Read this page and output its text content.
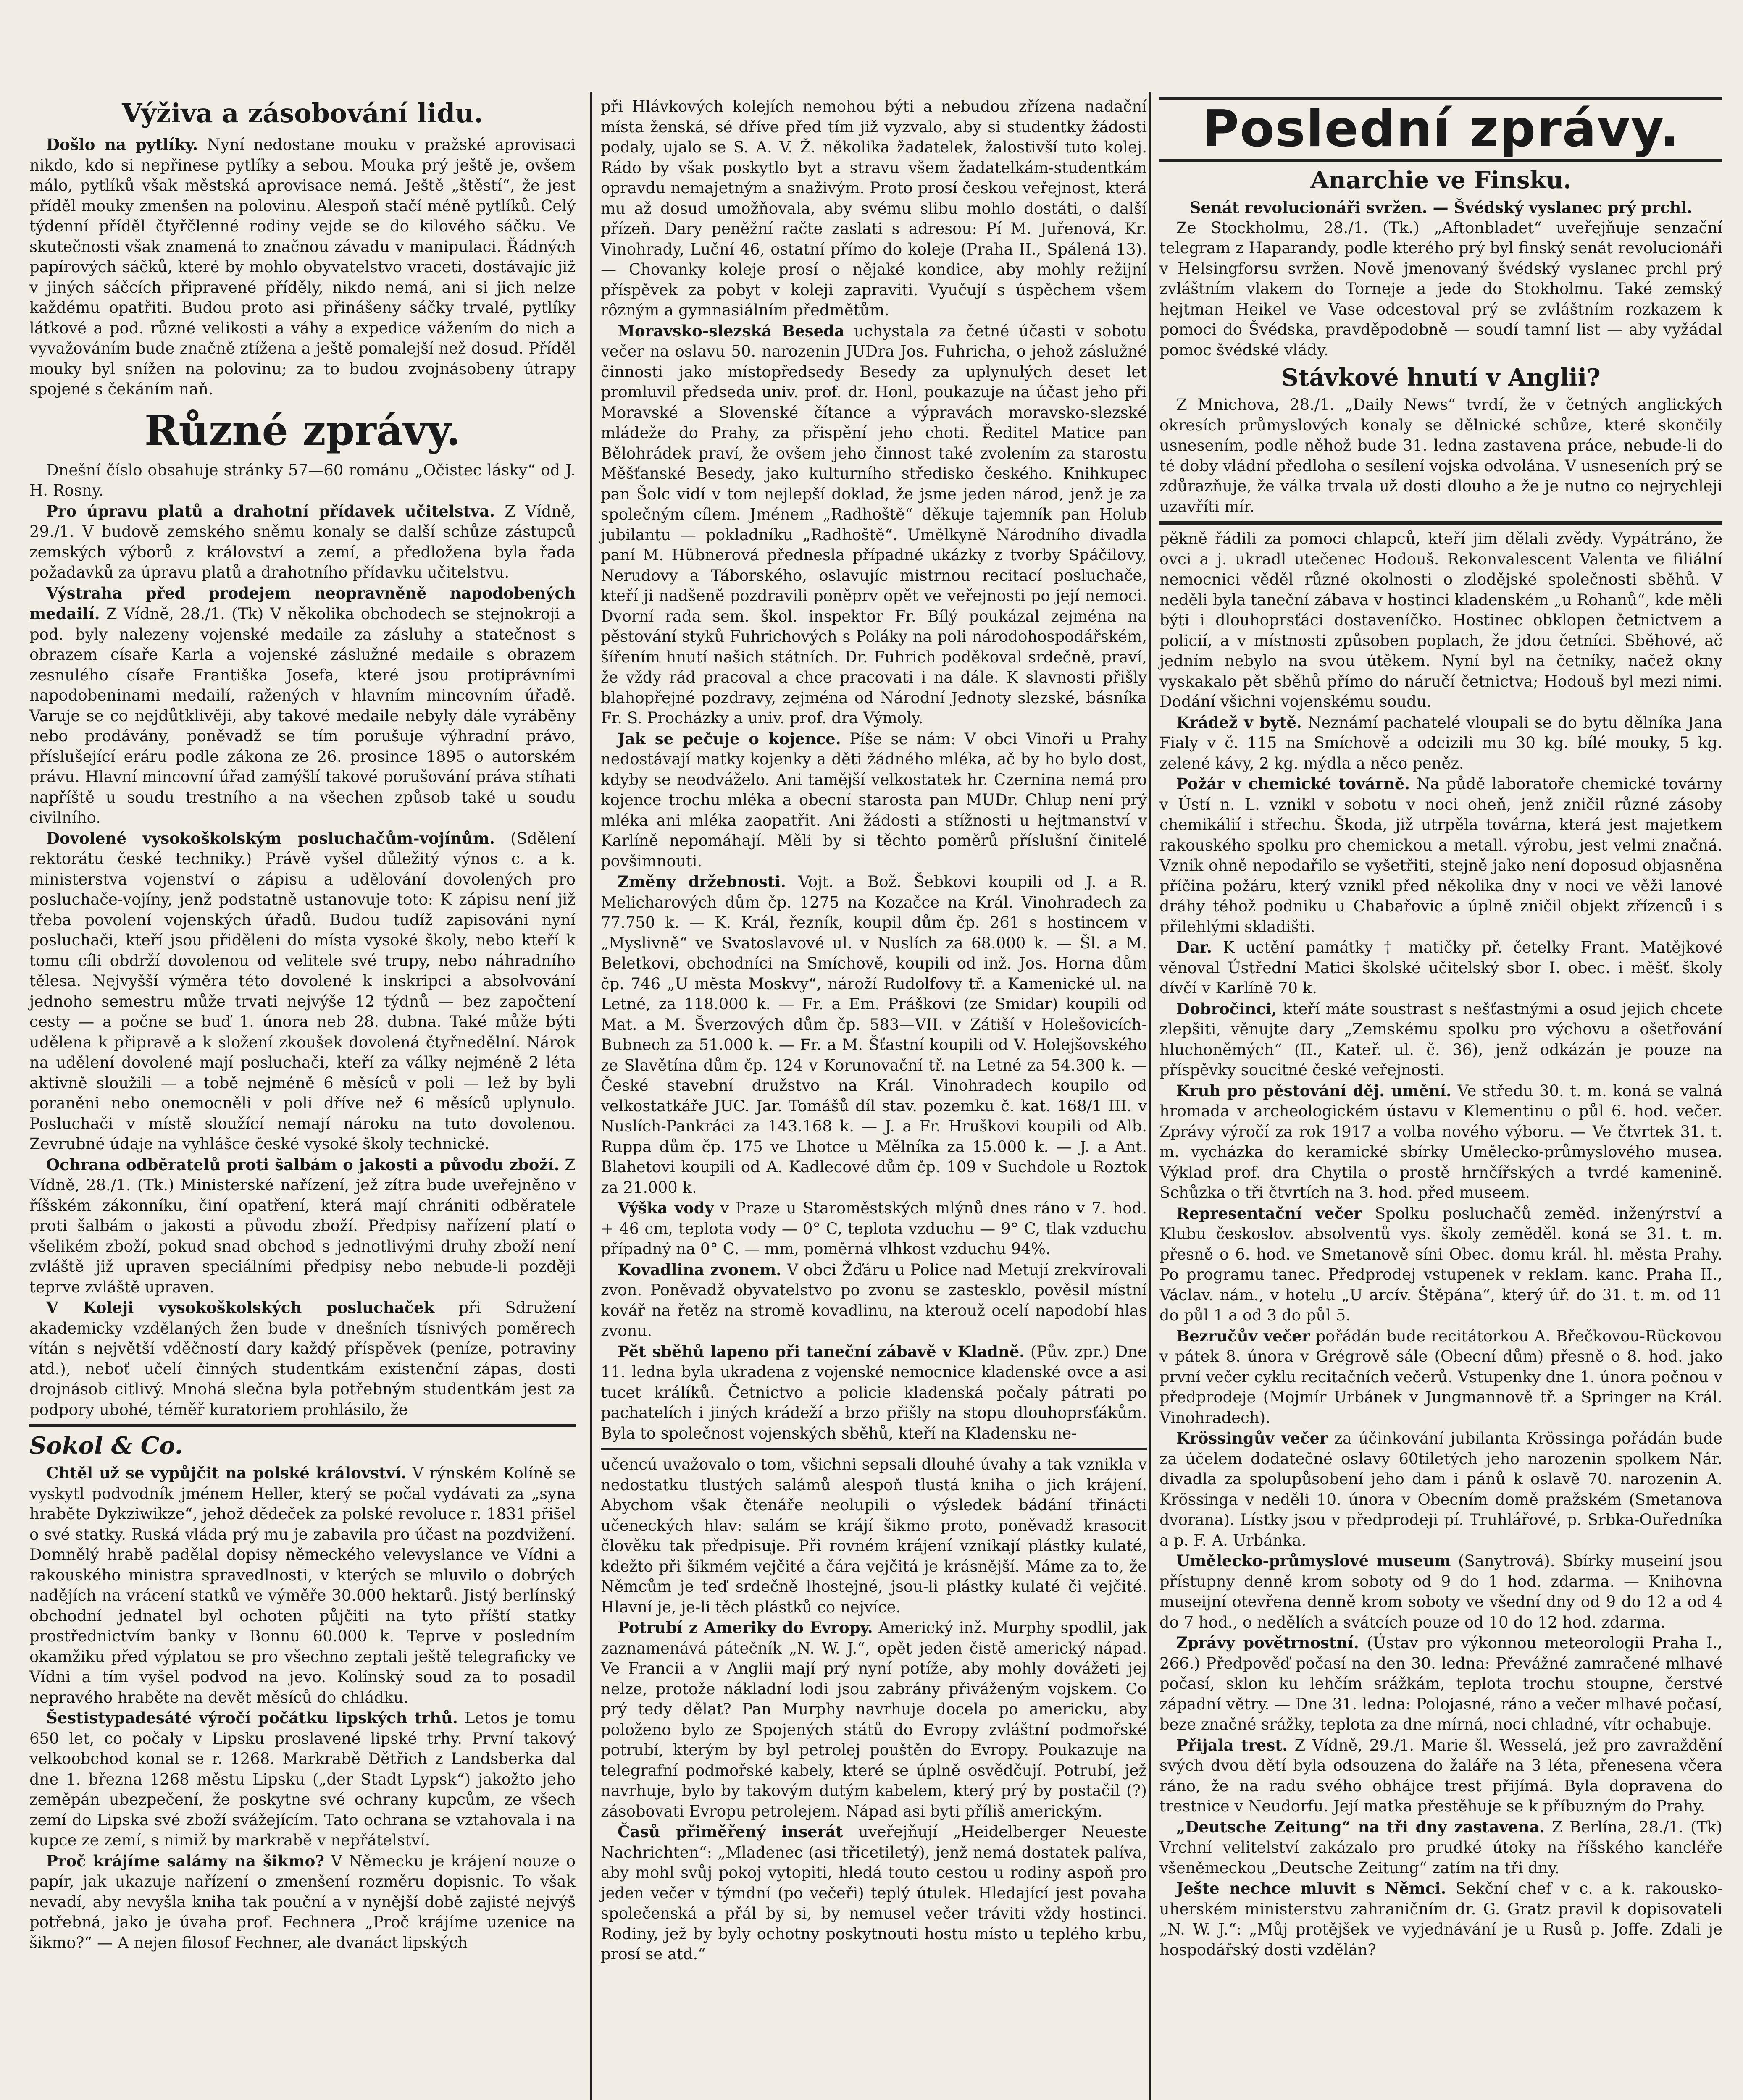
Výživa a zásobování lidu.

Došlo na pytlíky. Nyní nedostane mouku v pražské aprovisaci nikdo, kdo si nepřinese pytlíky a sebou. Mouka prý ještě je, ovšem málo, pytlíků však městská aprovisace nemá. Ještě „štěstí“, že jest příděl mouky zmenšen na polovinu. Alespoň stačí méně pytlíků. Celý týdenní příděl čtyřčlenné rodiny vejde se do kilového sáčku. Ve skutečnosti však znamená to značnou závadu v manipulaci. Řádných papírových sáčků, které by mohlo obyvatelstvo vraceti, dostávajíc již v jiných sáčcích připravené příděly, nikdo nemá, ani si jich nelze každému opatřiti. Budou proto asi přinášeny sáčky trvalé, pytlíky látkové a pod. různé velikosti a váhy a expedice vážením do nich a vyvažováním bude značně ztížena a ještě pomalejší než dosud. Příděl mouky byl snížen na polovinu; za to budou zvojnásobeny útrapy spojené s čekáním naň.

Různé zprávy.

Dnešní číslo obsahuje stránky 57—60 románu „Očistec lásky“ od J. H. Rosny.

Pro úpravu platů a drahotní přídavek učitelstva. Z Vídně, 29./1. V budově zemského sněmu konaly se další schůze zástupců zemských výborů z království a zemí, a předložena byla řada požadavků za úpravu platů a drahotního přídavku učitelstvu.

Výstraha před prodejem neopravněně napodobených medailí. Z Vídně, 28./1. (Tk) V několika obchodech se stejnokroji a pod. byly nalezeny vojenské medaile za zásluhy a statečnost s obrazem císaře Karla a vojenské záslužné medaile s obrazem zesnulého císaře Františka Josefa, které jsou protiprávními napodobeninami medailí, ražených v hlavním mincovním úřadě. Varuje se co nejdůtklivěji, aby takové medaile nebyly dále vyráběny nebo prodávány, poněvadž se tím porušuje výhradní právo, příslušející eráru podle zákona ze 26. prosince 1895 o autorském právu. Hlavní mincovní úřad zamýšlí takové porušování práva stíhati napříště u soudu trestního a na všechen způsob také u soudu civilního.

Dovolené vysokoškolským posluchačům-vojínům. (Sdělení rektorátu české techniky.) Právě vyšel důležitý výnos c. a k. ministerstva vojenství o zápisu a udělování dovolených pro posluchače-vojíny, jenž podstatně ustanovuje toto: K zápisu není již třeba povolení vojenských úřadů. Budou tudíž zapisováni nyní posluchači, kteří jsou přiděleni do místa vysoké školy, nebo kteří k tomu cíli obdrží dovolenou od velitele své trupy, nebo náhradního tělesa. Nejvyšší výměra této dovolené k inskripci a absolvování jednoho semestru může trvati nejvýše 12 týdnů — bez započtení cesty — a počne se buď 1. února neb 28. dubna. Také může býti udělena k připravě a k složení zkoušek dovolená čtyřnedělní. Nárok na udělení dovolené mají posluchači, kteří za války nejméně 2 léta aktivně sloužili — a tobě nejméně 6 měsíců v poli — lež by byli poraněni nebo onemocněli v poli dříve než 6 měsíců uplynulo. Posluchači v místě sloužící nemají nároku na tuto dovolenou. Zevrubné údaje na vyhlášce české vysoké školy technické.

Ochrana odběratelů proti šalbám o jakosti a původu zboží. Z Vídně, 28./1. (Tk.) Ministerské nařízení, jež zítra bude uveřejněno v říšském zákonníku, činí opatření, která mají chrániti odběratele proti šalbám o jakosti a původu zboží. Předpisy nařízení platí o všelikém zboží, pokud snad obchod s jednotlivými druhy zboží není zvláště již upraven speciálními předpisy nebo nebude-li později teprve zvláště upraven.

V Koleji vysokoškolských posluchaček při Sdružení akademicky vzdělaných žen bude v dnešních tísnivých poměrech vítán s největší vděčností dary každý příspěvek (peníze, potraviny atd.), neboť učelí činných studentkám existenční zápas, dosti drojnásob citlivý. Mnohá slečna byla potřebným studentkám jest za podpory ubohé, téměř kuratoriem prohlásilo, že

Sokol & Co.

Chtěl už se vypůjčit na polské království. V rýnském Kolíně se vyskytl podvodník jménem Heller, který se počal vydávati za „syna hraběte Dykziwikze“, jehož dědeček za polské revoluce r. 1831 přišel o své statky. Ruská vláda prý mu je zabavila pro účast na pozdvižení. Domnělý hrabě padělal dopisy německého velevyslance ve Vídni a rakouského ministra spravedlnosti, v kterých se mluvilo o dobrých nadějích na vrácení statků ve výměře 30.000 hektarů. Jistý berlínský obchodní jednatel byl ochoten půjčiti na tyto příští statky prostřednictvím banky v Bonnu 60.000 k. Teprve v posledním okamžiku před výplatou se pro všechno zeptali ještě telegraficky ve Vídni a tím vyšel podvod na jevo. Kolínský soud za to posadil nepravého hraběte na devět měsíců do chládku.

Šestistypadesáté výročí počátku lipských trhů. Letos je tomu 650 let, co počaly v Lipsku proslavené lipské trhy. První takový velkoobchod konal se r. 1268. Markrabě Dětřich z Landsberka dal dne 1. března 1268 městu Lipsku („der Stadt Lypsk“) jakožto jeho zeměpán ubezpečení, že poskytne své ochrany kupcům, ze všech zemí do Lipska své zboží svážejícím. Tato ochrana se vztahovala i na kupce ze zemí, s nimiž by markrabě v nepřátelství.

Proč krájíme salámy na šikmo? V Německu je krájení nouze o papír, jak ukazuje nařízení o zmenšení rozměru dopisnic. To však nevadí, aby nevyšla kniha tak pouční a v nynější době zajisté nejvýš potřebná, jako je úvaha prof. Fechnera „Proč krájíme uzenice na šikmo?“ — A nejen filosof Fechner, ale dvanáct lipských

při Hlávkových kolejích nemohou býti a nebudou zřízena nadační místa ženská, sé dříve před tím již vyzvalo, aby si studentky žádosti podaly, ujalo se S. A. V. Ž. několika žadatelek, žalostivší tuto kolej. Rádo by však poskytlo byt a stravu všem žadatelkám-studentkám opravdu nemajetným a snaživým. Proto prosí českou veřejnost, která mu až dosud umožňovala, aby svému slibu mohlo dostáti, o další přízeň. Dary peněžní račte zaslati s adresou: Pí M. Juřenová, Kr. Vinohrady, Luční 46, ostatní přímo do koleje (Praha II., Spálená 13). — Chovanky koleje prosí o nějaké kondice, aby mohly režijní příspěvek za pobyt v koleji zapraviti. Vyučují s úspěchem všem rôzným a gymnasiálním předmětům.

Moravsko-slezská Beseda uchystala za četné účasti v sobotu večer na oslavu 50. narozenin JUDra Jos. Fuhricha, o jehož záslužné činnosti jako místopředsedy Besedy za uplynulých deset let promluvil předseda univ. prof. dr. Honl, poukazuje na účast jeho při Moravské a Slovenské čítance a výpravách moravsko-slezské mládeže do Prahy, za přispění jeho choti. Ředitel Matice pan Bělohrádek praví, že ovšem jeho činnost také zvolením za starostu Měšťanské Besedy, jako kulturního středisko českého. Knihkupec pan Šolc vidí v tom nejlepší doklad, že jsme jeden národ, jenž je za společným cílem. Jménem „Radhoště“ děkuje tajemník pan Holub jubilantu — pokladníku „Radhoště“. Umělkyně Národního divadla paní M. Hübnerová přednesla případné ukázky z tvorby Spáčilovy, Nerudovy a Táborského, oslavujíc mistrnou recitací posluchače, kteří ji nadšeně pozdravili poněprv opět ve veřejnosti po její nemoci. Dvorní rada sem. škol. inspektor Fr. Bílý poukázal zejména na pěstování styků Fuhrichových s Poláky na poli národohospodářském, šířením hnutí našich státních. Dr. Fuhrich poděkoval srdečně, praví, že vždy rád pracoval a chce pracovati i na dále. K slavnosti přišly blahopřejné pozdravy, zejména od Národní Jednoty slezské, básníka Fr. S. Procházky a univ. prof. dra Výmoly.

Jak se pečuje o kojence. Píše se nám: V obci Vinoři u Prahy nedostávají matky kojenky a děti žádného mléka, ač by ho bylo dost, kdyby se neodváželo. Ani tamější velkostatek hr. Czernina nemá pro kojence trochu mléka a obecní starosta pan MUDr. Chlup není prý mléka ani mléka zaopatřit. Ani žádosti a stížnosti u hejtmanství v Karlíně nepomáhají. Měli by si těchto poměrů příslušní činitelé povšimnouti.

Změny držebnosti. Vojt. a Bož. Šebkovi koupili od J. a R. Melicharových dům čp. 1275 na Kozačce na Král. Vinohradech za 77.750 k. — K. Král, řezník, koupil dům čp. 261 s hostincem v „Myslivně“ ve Svatoslavové ul. v Nuslích za 68.000 k. — Šl. a M. Beletkovi, obchodníci na Smíchově, koupili od inž. Jos. Horna dům čp. 746 „U města Moskvy“, nároží Rudolfovy tř. a Kamenické ul. na Letné, za 118.000 k. — Fr. a Em. Práškovi (ze Smidar) koupili od Mat. a M. Šverzových dům čp. 583—VII. v Zátiší v Holešovicích-Bubnech za 51.000 k. — Fr. a M. Šťastní koupili od V. Holejšovského ze Slavětína dům čp. 124 v Korunovační tř. na Letné za 54.300 k. — České stavební družstvo na Král. Vinohradech koupilo od velkostatkáře JUC. Jar. Tomášů díl stav. pozemku č. kat. 168/1 III. v Nuslích-Pankráci za 143.168 k. — J. a Fr. Hruškovi koupili od Alb. Ruppa dům čp. 175 ve Lhotce u Mělníka za 15.000 k. — J. a Ant. Blahetovi koupili od A. Kadlecové dům čp. 109 v Suchdole u Roztok za 21.000 k.

Výška vody v Praze u Staroměstských mlýnů dnes ráno v 7. hod. + 46 cm, teplota vody — 0° C, teplota vzduchu — 9° C, tlak vzduchu případný na 0° C. — mm, poměrná vlhkost vzduchu 94%.

Kovadlina zvonem. V obci Žďáru u Police nad Metují zrekvírovali zvon. Poněvadž obyvatelstvo po zvonu se zastesklo, pověsil místní kovář na řetěz na stromě kovadlinu, na kterouž ocelí napodobí hlas zvonu.

Pět sběhů lapeno při taneční zábavě v Kladně. (Pův. zpr.) Dne 11. ledna byla ukradena z vojenské nemocnice kladenské ovce a asi tucet králíků. Četnictvo a policie kladenská počaly pátrati po pachatelích i jiných krádeží a brzo přišly na stopu dlouhoprsťákům. Byla to společnost vojenských sběhů, kteří na Kladensku ne-

učencú uvažovalo o tom, všichni sepsali dlouhé úvahy a tak vznikla v nedostatku tlustých salámů alespoň tlustá kniha o jich krájení. Abychom však čtenáře neolupili o výsledek bádání třinácti učeneckých hlav: salám se krájí šikmo proto, poněvadž krasocit člověku tak předpisuje. Při rovném krájení vznikají plástky kulaté, kdežto při šikmém vejčité a čára vejčitá je krásnější. Máme za to, že Němcům je teď srdečně lhostejné, jsou-li plástky kulaté či vejčité. Hlavní je, je-li těch plástků co nejvíce.

Potrubí z Ameriky do Evropy. Americký inž. Murphy spodlil, jak zaznamenává pátečník „N. W. J.“, opět jeden čistě americký nápad. Ve Francii a v Anglii mají prý nyní potíže, aby mohly dovážeti jej nelze, protože nákladní lodi jsou zabrány přiváženým vojskem. Co prý tedy dělat? Pan Murphy navrhuje docela po americku, aby položeno bylo ze Spojených států do Evropy zvláštní podmořské potrubí, kterým by byl petrolej pouštěn do Evropy. Poukazuje na telegrafní podmořské kabely, které se úplně osvědčují. Potrubí, jež navrhuje, bylo by takovým dutým kabelem, který prý by postačil (?) zásobovati Evropu petrolejem. Nápad asi byti příliš americkým.

Časů přiměřený inserát uveřejňují „Heidelberger Neueste Nachrichten“: „Mladenec (asi třicetiletý), jenž nemá dostatek palíva, aby mohl svůj pokoj vytopiti, hledá touto cestou u rodiny aspoň pro jeden večer v týmdní (po večeři) teplý útulek. Hledající jest povaha společenská a přál by si, by nemusel večer tráviti vždy hostinci. Rodiny, jež by byly ochotny poskytnouti hostu místo u teplého krbu, prosí se atd.“

Poslední zprávy.
Anarchie ve Finsku.

Senát revolucionáři svržen. — Švédský vyslanec prý prchl.

Ze Stockholmu, 28./1. (Tk.) „Aftonbladet“ uveřejňuje senzační telegram z Haparandy, podle kterého prý byl finský senát revolucionáři v Helsingforsu svržen. Nově jmenovaný švédský vyslanec prchl prý zvláštním vlakem do Torneje a jede do Stokholmu. Také zemský hejtman Heikel ve Vase odcestoval prý se zvláštním rozkazem k pomoci do Švédska, pravděpodobně — soudí tamní list — aby vyžádal pomoc švédské vlády.

Stávkové hnutí v Anglii?

Z Mnichova, 28./1. „Daily News“ tvrdí, že v četných anglických okresích průmyslových konaly se dělnické schůze, které skončily usnesením, podle něhož bude 31. ledna zastavena práce, nebude-li do té doby vládní předloha o sesílení vojska odvolána. V usneseních prý se zdůrazňuje, že válka trvala už dosti dlouho a že je nutno co nejrychleji uzavříti mír.

pěkně řádili za pomoci chlapců, kteří jim dělali zvědy. Vypátráno, že ovci a j. ukradl utečenec Hodouš. Rekonvalescent Valenta ve filiální nemocnici věděl různé okolnosti o zlodějské společnosti sběhů. V neděli byla taneční zábava v hostinci kladenském „u Rohanů“, kde měli býti i dlouhoprsťáci dostaveníčko. Hostinec obklopen četnictvem a policií, a v místnosti způsoben poplach, že jdou četníci. Sběhové, ač jedním nebylo na svou útěkem. Nyní byl na četníky, načež okny vyskakalo pět sběhů přímo do náručí četnictva; Hodouš byl mezi nimi. Dodání všichni vojenskému soudu.

Krádež v bytě. Neznámí pachatelé vloupali se do bytu dělníka Jana Fialy v č. 115 na Smíchově a odcizili mu 30 kg. bílé mouky, 5 kg. zelené kávy, 2 kg. mýdla a něco peněz.

Požár v chemické továrně. Na půdě laboratoře chemické továrny v Ústí n. L. vznikl v sobotu v noci oheň, jenž zničil různé zásoby chemikálií i střechu. Škoda, již utrpěla továrna, která jest majetkem rakouského spolku pro chemickou a metall. výrobu, jest velmi značná. Vznik ohně nepodařilo se vyšetřiti, stejně jako není doposud objasněna příčina požáru, který vznikl před několika dny v noci ve věži lanové dráhy téhož podniku u Chabařovic a úplně zničil objekt zřízenců i s přilehlými skladišti.

Dar. K uctění památky † matičky př. četelky Frant. Matějkové věnoval Ústřední Matici školské učitelský sbor I. obec. i měšť. školy dívčí v Karlíně 70 k.

Dobročinci, kteří máte soustrast s nešťastnými a osud jejich chcete zlepšiti, věnujte dary „Zemskému spolku pro výchovu a ošetřování hluchoněmých“ (II., Kateř. ul. č. 36), jenž odkázán je pouze na příspěvky soucitné české veřejnosti.

Kruh pro pěstování děj. umění. Ve středu 30. t. m. koná se valná hromada v archeologickém ústavu v Klementinu o půl 6. hod. večer. Zprávy výročí za rok 1917 a volba nového výboru. — Ve čtvrtek 31. t. m. vycházka do keramické sbírky Umělecko-průmyslového musea. Výklad prof. dra Chytila o prostě hrnčířských a tvrdé kamenině. Schůzka o tři čtvrtích na 3. hod. před museem.

Representační večer Spolku posluchačů zeměd. inženýrství a Klubu českoslov. absolventů vys. školy zeměděl. koná se 31. t. m. přesně o 6. hod. ve Smetanově síni Obec. domu král. hl. města Prahy. Po programu tanec. Předprodej vstupenek v reklam. kanc. Praha II., Václav. nám., v hotelu „U arcív. Štěpána“, který úř. do 31. t. m. od 11 do půl 1 a od 3 do půl 5.

Bezručův večer pořádán bude recitátorkou A. Břečkovou-Rückovou v pátek 8. února v Grégrově sále (Obecní dům) přesně o 8. hod. jako první večer cyklu recitačních večerů. Vstupenky dne 1. února počnou v předprodeje (Mojmír Urbánek v Jungmannově tř. a Springer na Král. Vinohradech).

Krössingův večer za účinkování jubilanta Krössinga pořádán bude za účelem dodatečné oslavy 60tiletých jeho narozenin spolkem Nár. divadla za spolupůsobení jeho dam i pánů k oslavě 70. narozenin A. Krössinga v neděli 10. února v Obecním domě pražském (Smetanova dvorana). Lístky jsou v předprodeji pí. Truhlářové, p. Srbka-Ouředníka a p. F. A. Urbánka.

Umělecko-průmyslové museum (Sanytrová). Sbírky museiní jsou přístupny denně krom soboty od 9 do 1 hod. zdarma. — Knihovna museijní otevřena denně krom soboty ve všední dny od 9 do 12 a od 4 do 7 hod., o nedělích a svátcích pouze od 10 do 12 hod. zdarma.

Zprávy povětrnostní. (Ústav pro výkonnou meteorologii Praha I., 266.) Předpověď počasí na den 30. ledna: Převážné zamračené mlhavé počasí, sklon ku lehčím srážkám, teplota trochu stoupne, čerstvé západní větry. — Dne 31. ledna: Polojasné, ráno a večer mlhavé počasí, beze značné srážky, teplota za dne mírná, noci chladné, vítr ochabuje.

Přijala trest. Z Vídně, 29./1. Marie šl. Wesselá, jež pro zavraždění svých dvou dětí byla odsouzena do žaláře na 3 léta, přenesena včera ráno, že na radu svého obhájce trest přijímá. Byla dopravena do trestnice v Neudorfu. Její matka přestěhuje se k příbuzným do Prahy.

„Deutsche Zeitung“ na tři dny zastavena. Z Berlína, 28./1. (Tk) Vrchní velitelství zakázalo pro prudké útoky na říšského kancléře všeněmeckou „Deutsche Zeitung“ zatím na tři dny.

Ješte nechce mluvit s Němci. Sekční chef v c. a k. rakousko-uherském ministerstvu zahraničním dr. G. Gratz pravil k dopisovateli „N. W. J.“: „Můj protějšek ve vyjednávání je u Rusů p. Joffe. Zdali je hospodářský dosti vzdělán?
